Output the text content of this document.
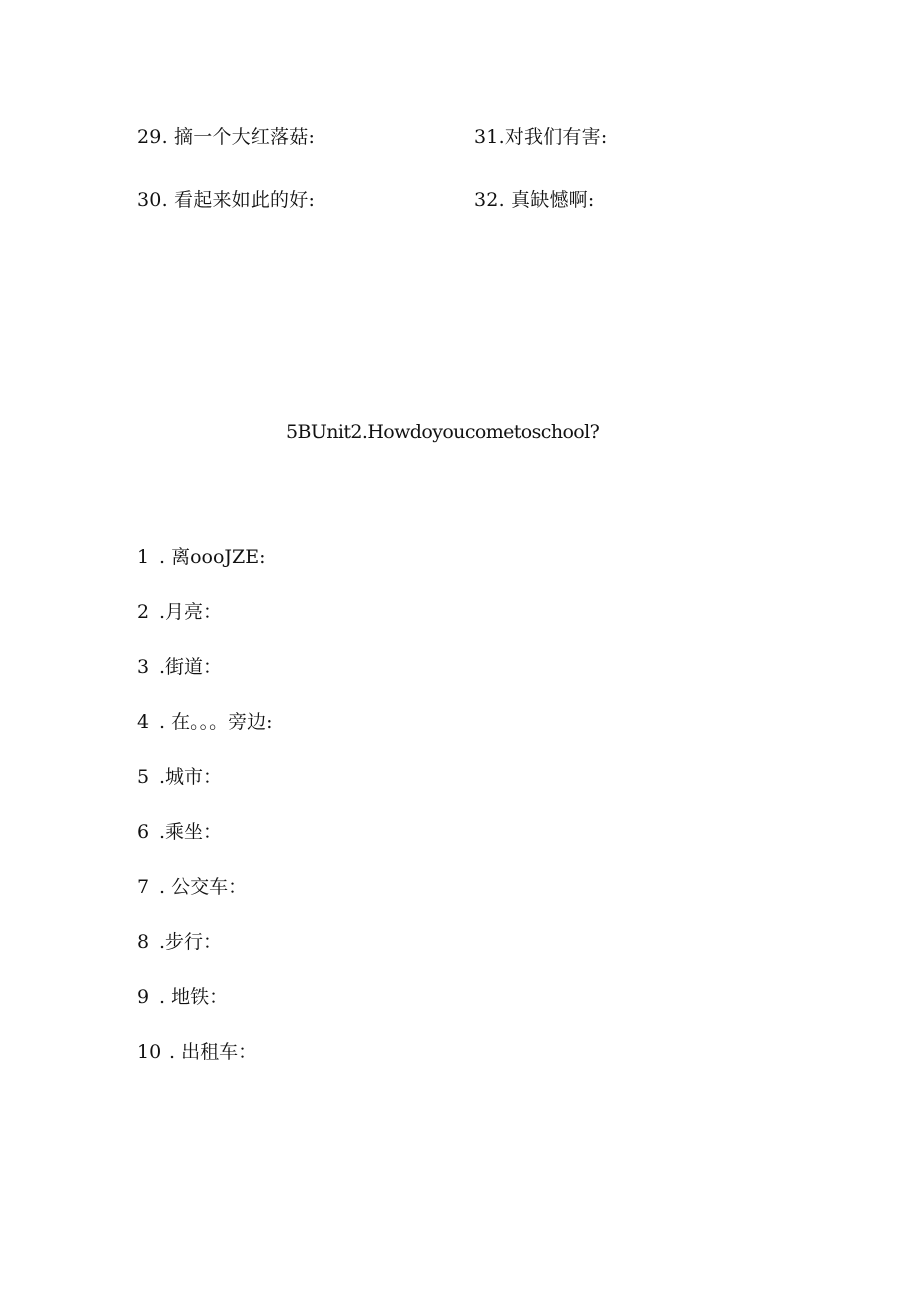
29. 摘一个大红落菇:	31.对我们有害:
30. 看起来如此的好:	32. 真缺憾啊:
5BUnit2.Howdoyoucometoschool?
1 . 离oooJZE:
2 .月亮：
3 .街道：
4 . 在。。。旁边:
5 .城市：
6 .乘坐：
7 . 公交车：
8 .步行：
9 . 地铁：
10 . 出租车：
